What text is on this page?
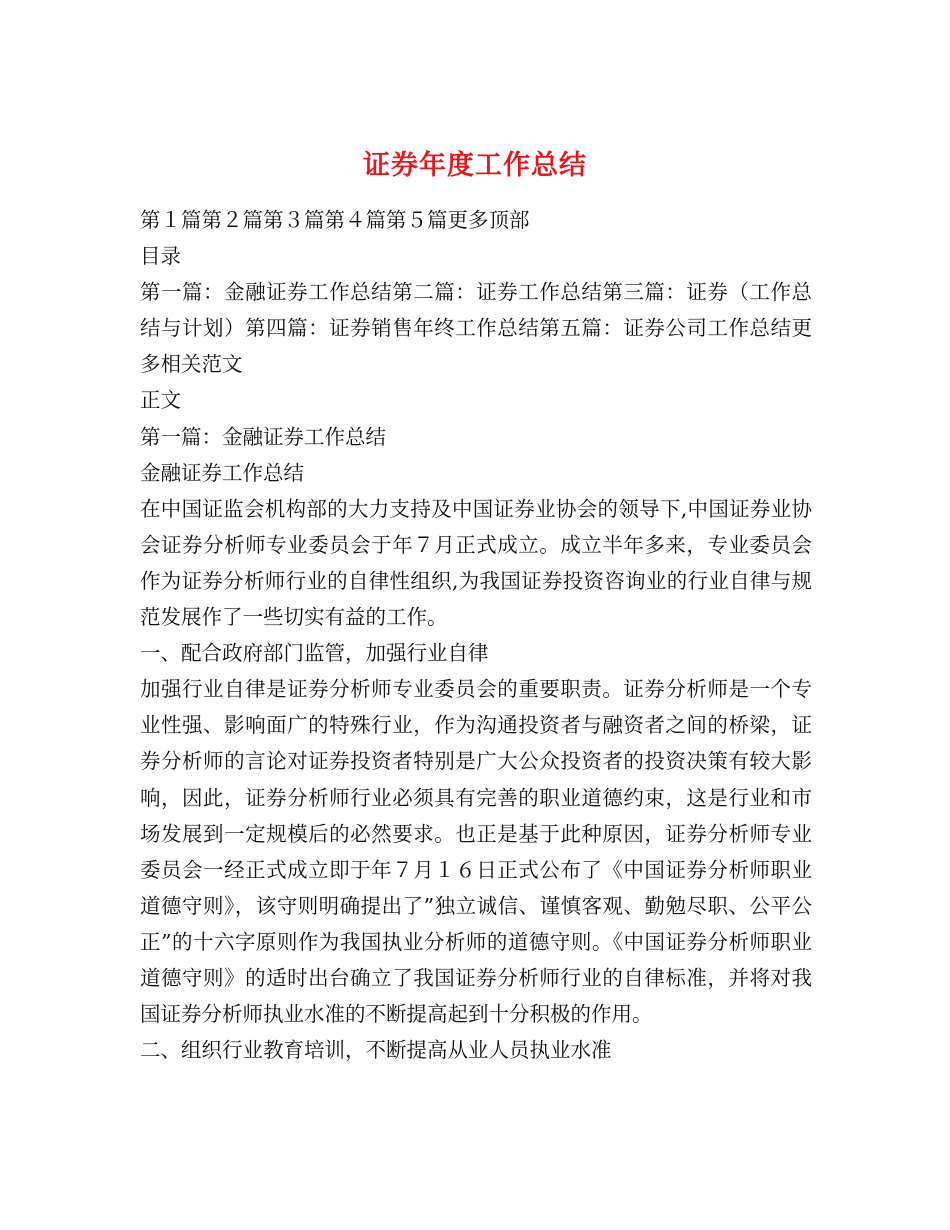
证券年度工作总结

第１篇第２篇第３篇第４篇第５篇更多顶部

目录

第一篇：金融证券工作总结第二篇：证券工作总结第三篇：证券（工作总结与计划）第四篇：证券销售年终工作总结第五篇：证券公司工作总结更多相关范文

正文

第一篇：金融证券工作总结

金融证券工作总结

在中国证监会机构部的大力支持及中国证券业协会的领导下,中国证券业协会证券分析师专业委员会于年７月正式成立。成立半年多来，专业委员会作为证券分析师行业的自律性组织,为我国证券投资咨询业的行业自律与规范发展作了一些切实有益的工作。

一、配合政府部门监管，加强行业自律

加强行业自律是证券分析师专业委员会的重要职责。证券分析师是一个专业性强、影响面广的特殊行业，作为沟通投资者与融资者之间的桥梁，证券分析师的言论对证券投资者特别是广大公众投资者的投资决策有较大影响，因此，证券分析师行业必须具有完善的职业道德约束，这是行业和市场发展到一定规模后的必然要求。也正是基于此种原因，证券分析师专业委员会一经正式成立即于年７月１６日正式公布了《中国证券分析师职业道德守则》，该守则明确提出了”独立诚信、谨慎客观、勤勉尽职、公平公正”的十六字原则作为我国执业分析师的道德守则。《中国证券分析师职业道德守则》的适时出台确立了我国证券分析师行业的自律标准，并将对我国证券分析师执业水准的不断提高起到十分积极的作用。

二、组织行业教育培训，不断提高从业人员执业水准
